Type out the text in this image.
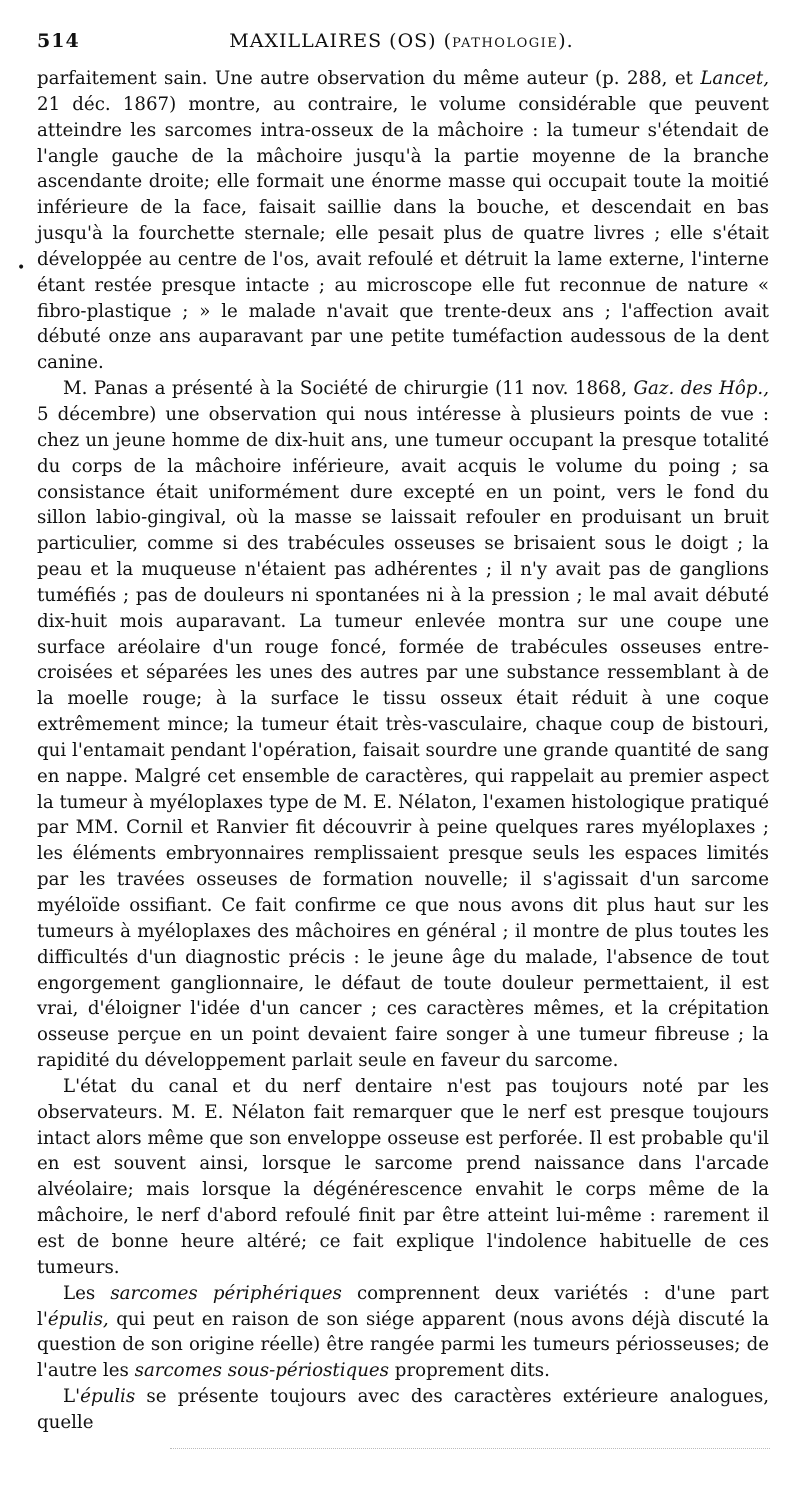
514	MAXILLAIRES (OS) (PATHOLOGIE).
•

parfaitement sain. Une autre observation du même auteur (p. 288, et Lancet, 21 déc. 1867) montre, au contraire, le volume considérable que peuvent atteindre les sarcomes intra-osseux de la mâchoire : la tumeur s'étendait de l'angle gauche de la mâchoire jusqu'à la partie moyenne de la branche ascendante droite; elle formait une énorme masse qui occupait toute la moitié inférieure de la face, faisait saillie dans la bouche, et descendait en bas jusqu'à la fourchette sternale; elle pesait plus de quatre livres ; elle s'était développée au centre de l'os, avait refoulé et détruit la lame externe, l'interne étant restée presque intacte ; au microscope elle fut reconnue de nature « fibro-plastique ; » le malade n'avait que trente-deux ans ; l'affection avait débuté onze ans auparavant par une petite tuméfaction audessous de la dent canine.

M. Panas a présenté à la Société de chirurgie (11 nov. 1868, Gaz. des Hôp., 5 décembre) une observation qui nous intéresse à plusieurs points de vue : chez un jeune homme de dix-huit ans, une tumeur occupant la presque totalité du corps de la mâchoire inférieure, avait acquis le volume du poing ; sa consistance était uniformément dure excepté en un point, vers le fond du sillon labio-gingival, où la masse se laissait refouler en produisant un bruit particulier, comme si des trabécules osseuses se brisaient sous le doigt ; la peau et la muqueuse n'étaient pas adhérentes ; il n'y avait pas de ganglions tuméfiés ; pas de douleurs ni spontanées ni à la pression ; le mal avait débuté dix-huit mois auparavant. La tumeur enlevée montra sur une coupe une surface aréolaire d'un rouge foncé, formée de trabécules osseuses entre-croisées et séparées les unes des autres par une substance ressemblant à de la moelle rouge; à la surface le tissu osseux était réduit à une coque extrêmement mince; la tumeur était très-vasculaire, chaque coup de bistouri, qui l'entamait pendant l'opération, faisait sourdre une grande quantité de sang en nappe. Malgré cet ensemble de caractères, qui rappelait au premier aspect la tumeur à myéloplaxes type de M. E. Nélaton, l'examen histologique pratiqué par MM. Cornil et Ranvier fit découvrir à peine quelques rares myéloplaxes ; les éléments embryonnaires remplissaient presque seuls les espaces limités par les travées osseuses de formation nouvelle; il s'agissait d'un sarcome myéloïde ossifiant. Ce fait confirme ce que nous avons dit plus haut sur les tumeurs à myéloplaxes des mâchoires en général ; il montre de plus toutes les difficultés d'un diagnostic précis : le jeune âge du malade, l'absence de tout engorgement ganglionnaire, le défaut de toute douleur permettaient, il est vrai, d'éloigner l'idée d'un cancer ; ces caractères mêmes, et la crépitation osseuse perçue en un point devaient faire songer à une tumeur fibreuse ; la rapidité du développement parlait seule en faveur du sarcome.

L'état du canal et du nerf dentaire n'est pas toujours noté par les observateurs. M. E. Nélaton fait remarquer que le nerf est presque toujours intact alors même que son enveloppe osseuse est perforée. Il est probable qu'il en est souvent ainsi, lorsque le sarcome prend naissance dans l'arcade alvéolaire; mais lorsque la dégénérescence envahit le corps même de la mâchoire, le nerf d'abord refoulé finit par être atteint lui-même : rarement il est de bonne heure altéré; ce fait explique l'indolence habituelle de ces tumeurs.

Les sarcomes périphériques comprennent deux variétés : d'une part l'épulis, qui peut en raison de son siége apparent (nous avons déjà discuté la question de son origine réelle) être rangée parmi les tumeurs périosseuses; de l'autre les sarcomes sous-périostiques proprement dits.

L'épulis se présente toujours avec des caractères extérieure analogues, quelle
